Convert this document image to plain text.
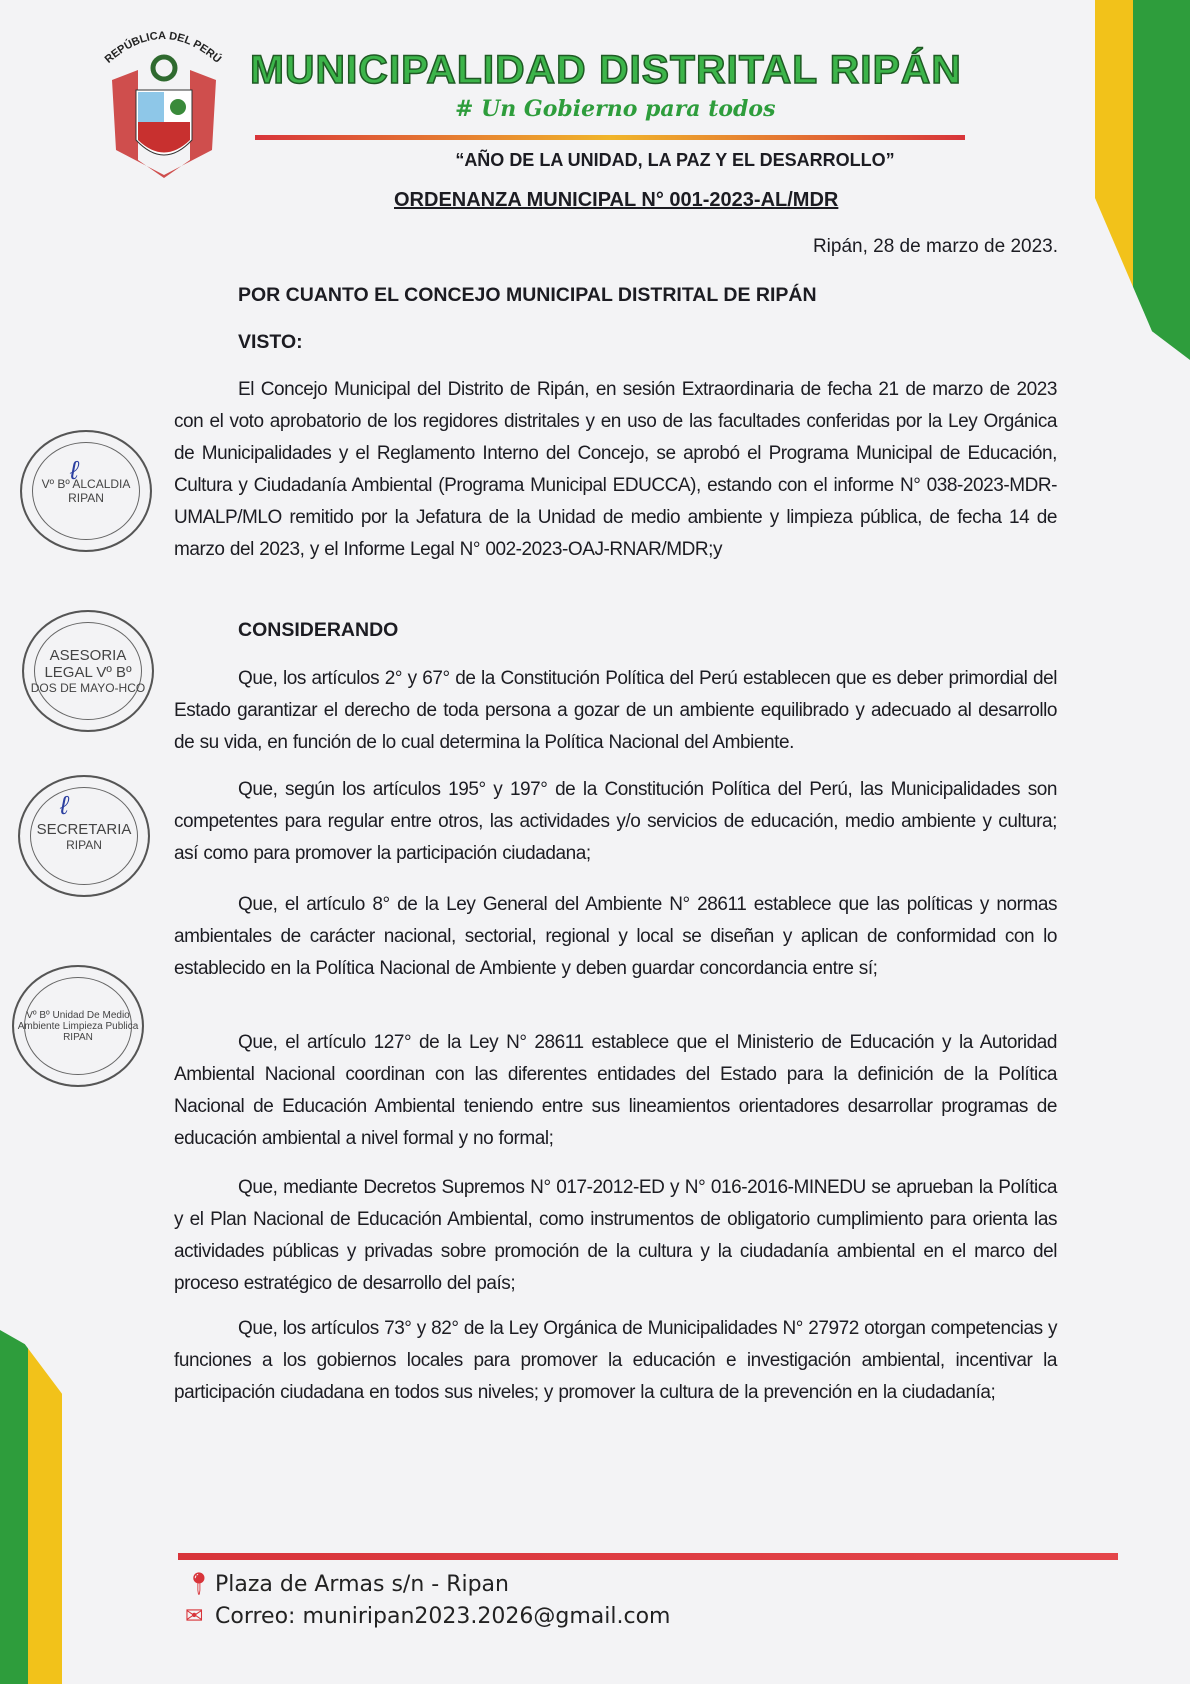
REPÚBLICA DEL PERÚ MUNICIPALIDAD DISTRITAL RIPÁN
# Un Gobierno para todos
“AÑO DE LA UNIDAD, LA PAZ Y EL DESARROLLO”
ORDENANZA MUNICIPAL N° 001-2023-AL/MDR
Ripán, 28 de marzo de 2023.
POR CUANTO EL CONCEJO MUNICIPAL DISTRITAL DE RIPÁN
VISTO:

El Concejo Municipal del Distrito de Ripán, en sesión Extraordinaria de fecha 21 de marzo de 2023 con el voto aprobatorio de los regidores distritales y en uso de las facultades conferidas por la Ley Orgánica de Municipalidades y el Reglamento Interno del Concejo, se aprobó el Programa Municipal de Educación, Cultura y Ciudadanía Ambiental (Programa Municipal EDUCCA), estando con el informe N° 038-2023-MDR-UMALP/MLO remitido por la Jefatura de la Unidad de medio ambiente y limpieza pública, de fecha 14 de marzo del 2023, y el Informe Legal N° 002-2023-OAJ-RNAR/MDR;y

CONSIDERANDO

Que, los artículos 2° y 67° de la Constitución Política del Perú establecen que es deber primordial del Estado garantizar el derecho de toda persona a gozar de un ambiente equilibrado y adecuado al desarrollo de su vida, en función de lo cual determina la Política Nacional del Ambiente.

Que, según los artículos 195° y 197° de la Constitución Política del Perú, las Municipalidades son competentes para regular entre otros, las actividades y/o servicios de educación, medio ambiente y cultura; así como para promover la participación ciudadana;

Que, el artículo 8° de la Ley General del Ambiente N° 28611 establece que las políticas y normas ambientales de carácter nacional, sectorial, regional y local se diseñan y aplican de conformidad con lo establecido en la Política Nacional de Ambiente y deben guardar concordancia entre sí;

Que, el artículo 127° de la Ley N° 28611 establece que el Ministerio de Educación y la Autoridad Ambiental Nacional coordinan con las diferentes entidades del Estado para la definición de la Política Nacional de Educación Ambiental teniendo entre sus lineamientos orientadores desarrollar programas de educación ambiental a nivel formal y no formal;

Que, mediante Decretos Supremos N° 017-2012-ED y N° 016-2016-MINEDU se aprueban la Política y el Plan Nacional de Educación Ambiental, como instrumentos de obligatorio cumplimiento para orienta las actividades públicas y privadas sobre promoción de la cultura y la ciudadanía ambiental en el marco del proceso estratégico de desarrollo del país;

Que, los artículos 73° y 82° de la Ley Orgánica de Municipalidades N° 27972 otorgan competencias y funciones a los gobiernos locales para promover la educación e investigación ambiental, incentivar la participación ciudadana en todos sus niveles; y promover la cultura de la prevención en la ciudadanía;

Vº Bº ALCALDIA
RIPAN
ℓ
ASESORIA LEGAL Vº Bº
DOS DE MAYO-HCO
SECRETARIA
RIPAN
ℓ
Vº Bº Unidad De Medio Ambiente Limpieza Publica
RIPAN
📍︎Plaza de Armas s/n - Ripan
✉ Correo: muniripan2023.2026@gmail.com
